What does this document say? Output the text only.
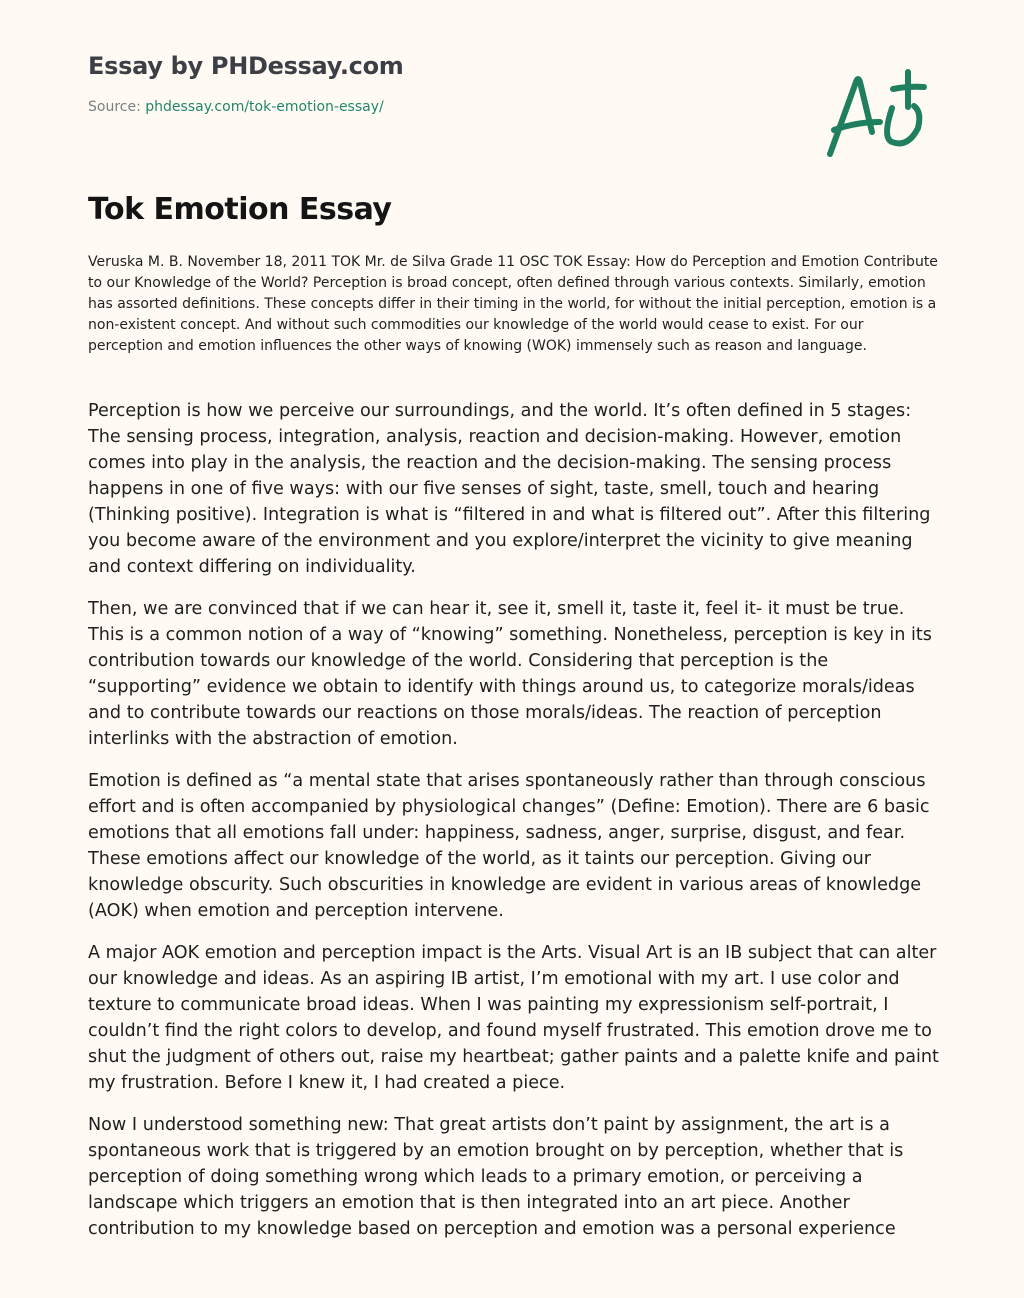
Essay by PHDessay.com
Source: phdessay.com/tok-emotion-essay/
Tok Emotion Essay

Veruska M. B. November 18, 2011 TOK Mr. de Silva Grade 11 OSC TOK Essay: How do Perception and Emotion Contribute to our Knowledge of the World? Perception is broad concept, often defined through various contexts. Similarly, emotion has assorted definitions. These concepts differ in their timing in the world, for without the initial perception, emotion is a non-existent concept. And without such commodities our knowledge of the world would cease to exist. For our perception and emotion influences the other ways of knowing (WOK) immensely such as reason and language.

Perception is how we perceive our surroundings, and the world. It’s often defined in 5 stages: The sensing process, integration, analysis, reaction and decision-making. However, emotion comes into play in the analysis, the reaction and the decision-making. The sensing process happens in one of five ways: with our five senses of sight, taste, smell, touch and hearing (Thinking positive). Integration is what is “filtered in and what is filtered out”. After this filtering you become aware of the environment and you explore/interpret the vicinity to give meaning and context differing on individuality.

Then, we are convinced that if we can hear it, see it, smell it, taste it, feel it- it must be true. This is a common notion of a way of “knowing” something. Nonetheless, perception is key in its contribution towards our knowledge of the world. Considering that perception is the “supporting” evidence we obtain to identify with things around us, to categorize morals/ideas and to contribute towards our reactions on those morals/ideas. The reaction of perception interlinks with the abstraction of emotion.

Emotion is defined as “a mental state that arises spontaneously rather than through conscious effort and is often accompanied by physiological changes” (Define: Emotion). There are 6 basic emotions that all emotions fall under: happiness, sadness, anger, surprise, disgust, and fear. These emotions affect our knowledge of the world, as it taints our perception. Giving our knowledge obscurity. Such obscurities in knowledge are evident in various areas of knowledge (AOK) when emotion and perception intervene.

A major AOK emotion and perception impact is the Arts. Visual Art is an IB subject that can alter our knowledge and ideas. As an aspiring IB artist, I’m emotional with my art. I use color and texture to communicate broad ideas. When I was painting my expressionism self-portrait, I couldn’t find the right colors to develop, and found myself frustrated. This emotion drove me to shut the judgment of others out, raise my heartbeat; gather paints and a palette knife and paint my frustration. Before I knew it, I had created a piece.

Now I understood something new: That great artists don’t paint by assignment, the art is a spontaneous work that is triggered by an emotion brought on by perception, whether that is perception of doing something wrong which leads to a primary emotion, or perceiving a landscape which triggers an emotion that is then integrated into an art piece. Another contribution to my knowledge based on perception and emotion was a personal experience
